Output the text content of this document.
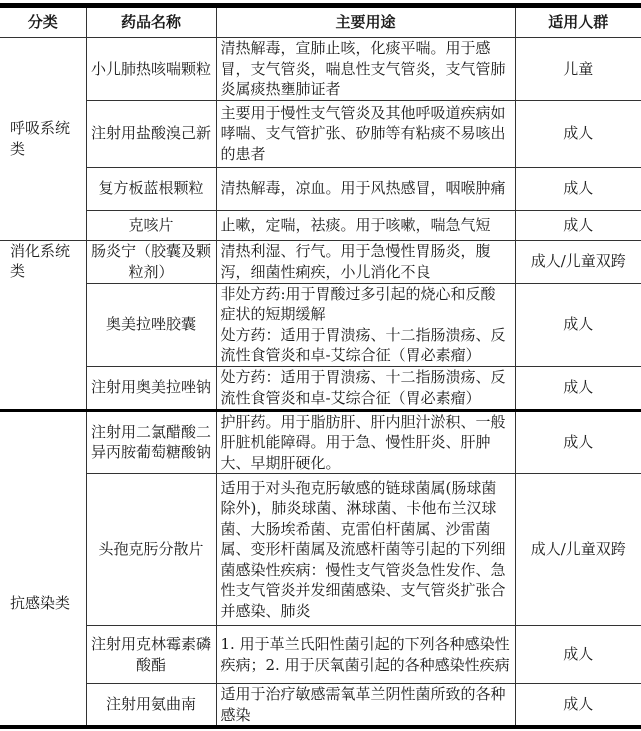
分类	药品名称	主要用途	适用人群
呼吸系统类	小儿肺热咳喘颗粒	清热解毒，宣肺止咳，化痰平喘。用于感冒，支气管炎，喘息性支气管炎，支气管肺炎属痰热壅肺证者	儿童
注射用盐酸溴己新	主要用于慢性支气管炎及其他呼吸道疾病如哮喘、支气管扩张、矽肺等有粘痰不易咳出的患者	成人
复方板蓝根颗粒	清热解毒，凉血。用于风热感冒，咽喉肿痛	成人
克咳片	止嗽，定喘，祛痰。用于咳嗽，喘急气短	成人
消化系统类	肠炎宁（胶囊及颗粒剂）	清热利湿、行气。用于急慢性胃肠炎，腹泻，细菌性痢疾，小儿消化不良	成人/儿童双跨
奥美拉唑胶囊	非处方药:用于胃酸过多引起的烧心和反酸症状的短期缓解
处方药：适用于胃溃疡、十二指肠溃疡、反流性食管炎和卓-艾综合征（胃必素瘤）	成人
注射用奥美拉唑钠	处方药：适用于胃溃疡、十二指肠溃疡、反流性食管炎和卓-艾综合征（胃必素瘤）	成人
抗感染类	注射用二氯醋酸二异丙胺葡萄糖酸钠	护肝药。用于脂肪肝、肝内胆汁淤积、一般肝脏机能障碍。用于急、慢性肝炎、肝肿大、早期肝硬化。	成人
头孢克肟分散片	适用于对头孢克肟敏感的链球菌属(肠球菌除外)，肺炎球菌、淋球菌、卡他布兰汉球菌、大肠埃希菌、克雷伯杆菌属、沙雷菌属、变形杆菌属及流感杆菌等引起的下列细菌感染性疾病：慢性支气管炎急性发作、急性支气管炎并发细菌感染、支气管炎扩张合并感染、肺炎	成人/儿童双跨
注射用克林霉素磷酸酯	1. 用于革兰氏阳性菌引起的下列各种感染性疾病；2. 用于厌氧菌引起的各种感染性疾病	成人
注射用氨曲南	适用于治疗敏感需氧革兰阴性菌所致的各种感染	成人
